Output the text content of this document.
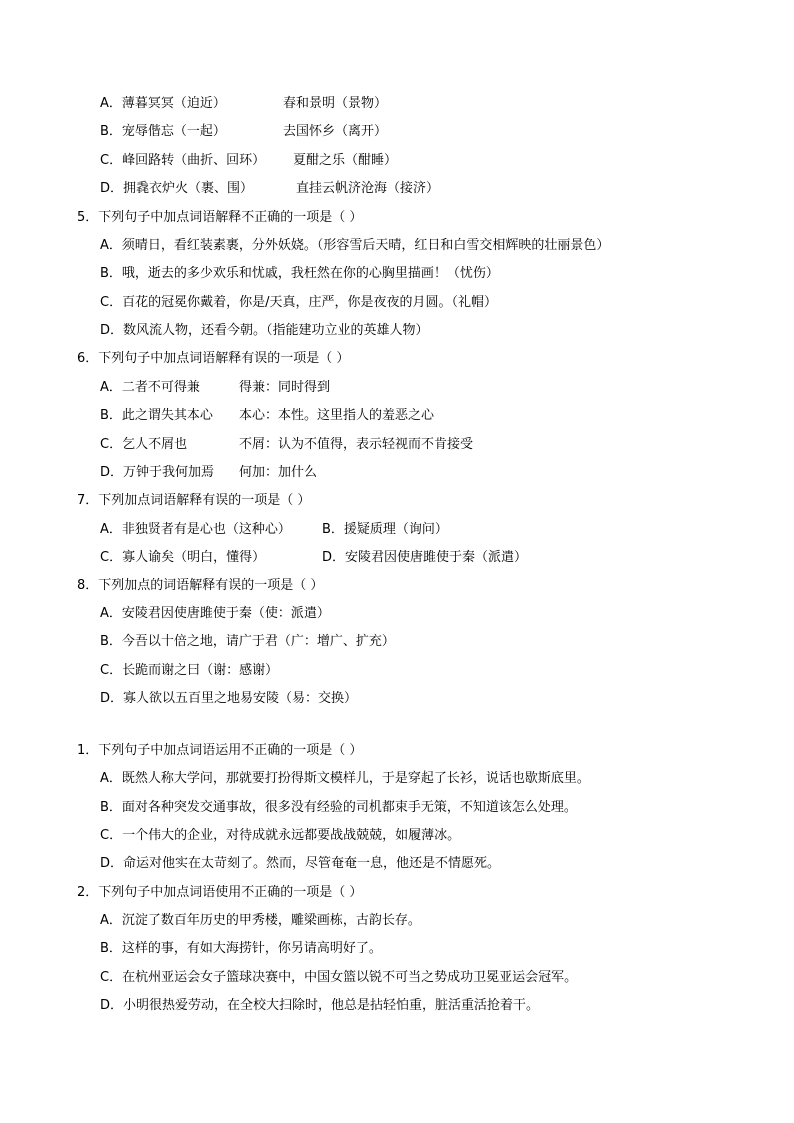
A．薄暮冥冥（迫近）	春和景明（景物）
B．宠辱偕忘（一起）	去国怀乡（离开）
C．峰回路转（曲折、回环） 夏酣之乐（酣睡）
D．拥毳衣炉火（裹、围）	直挂云帆济沧海（接济）
5．下列句子中加点词语解释不正确的一项是（ ）
A．须晴日，看红装素裹，分外妖娆。（形容雪后天晴，红日和白雪交相辉映的壮丽景色）
B．哦，逝去的多少欢乐和忧戚，我枉然在你的心胸里描画！（忧伤）
C．百花的冠冕你戴着，你是/天真，庄严，你是夜夜的月圆。（礼帽）
D．数风流人物，还看今朝。（指能建功立业的英雄人物）
6．下列句子中加点词语解释有误的一项是（ ）
A．二者不可得兼	得兼：同时得到
B．此之谓失其本心 本心：本性。这里指人的羞恶之心
C．乞人不屑也	不屑：认为不值得，表示轻视而不肯接受
D．万钟于我何加焉 何加：加什么
7．下列加点词语解释有误的一项是（ ）
A．非独贤者有是心也（这种心） B．援疑质理（询问）
C．寡人谕矣（明白，懂得）	D．安陵君因使唐雎使于秦（派遣）
8．下列加点的词语解释有误的一项是（ ）
A．安陵君因使唐雎使于秦（使：派遣）
B．今吾以十倍之地，请广于君（广：增广、扩充）
C．长跪而谢之曰（谢：感谢）
D．寡人欲以五百里之地易安陵（易：交换）
1．下列句子中加点词语运用不正确的一项是（ ）
A．既然人称大学问，那就要打扮得斯文模样儿，于是穿起了长衫，说话也歇斯底里。
B．面对各种突发交通事故，很多没有经验的司机都束手无策，不知道该怎么处理。
C．一个伟大的企业，对待成就永远都要战战兢兢，如履薄冰。
D．命运对他实在太苛刻了。然而，尽管奄奄一息，他还是不情愿死。
2．下列句子中加点词语使用不正确的一项是（ ）
A．沉淀了数百年历史的甲秀楼，雕梁画栋，古韵长存。
B．这样的事，有如大海捞针，你另请高明好了。
C．在杭州亚运会女子篮球决赛中，中国女篮以锐不可当之势成功卫冕亚运会冠军。
D．小明很热爱劳动，在全校大扫除时，他总是拈轻怕重，脏活重活抢着干。
